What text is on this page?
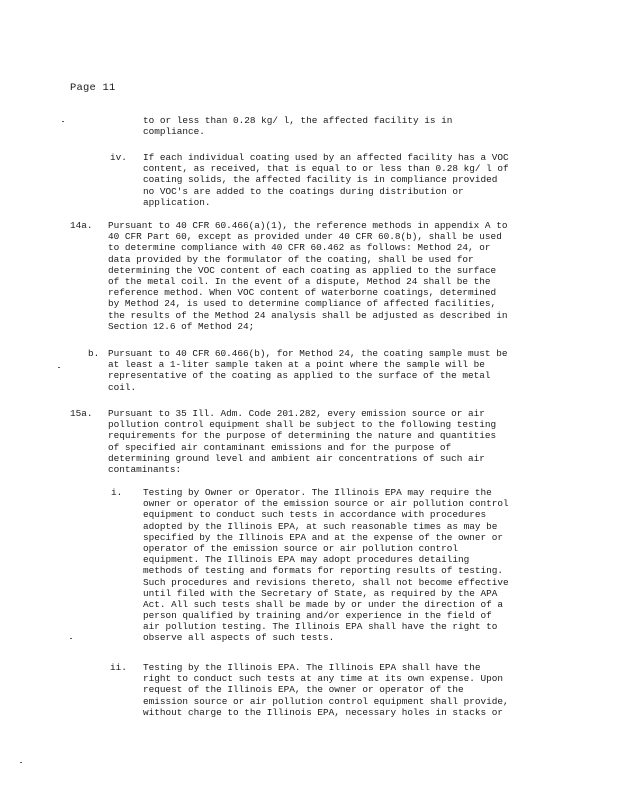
Page 11
to or less than 0.28 kg/ l, the affected facility is in
compliance.
iv. If each individual coating used by an affected facility has a VOC
content, as received, that is equal to or less than 0.28 kg/ l of
coating solids, the affected facility is in compliance provided
no VOC's are added to the coatings during distribution or
application.
14a. Pursuant to 40 CFR 60.466(a)(1), the reference methods in appendix A to
40 CFR Part 60, except as provided under 40 CFR 60.8(b), shall be used
to determine compliance with 40 CFR 60.462 as follows: Method 24, or
data provided by the formulator of the coating, shall be used for
determining the VOC content of each coating as applied to the surface
of the metal coil. In the event of a dispute, Method 24 shall be the
reference method. When VOC content of waterborne coatings, determined
by Method 24, is used to determine compliance of affected facilities,
the results of the Method 24 analysis shall be adjusted as described in
Section 12.6 of Method 24;
b. Pursuant to 40 CFR 60.466(b), for Method 24, the coating sample must be
at least a 1-liter sample taken at a point where the sample will be
representative of the coating as applied to the surface of the metal
coil.
15a. Pursuant to 35 Ill. Adm. Code 201.282, every emission source or air
pollution control equipment shall be subject to the following testing
requirements for the purpose of determining the nature and quantities
of specified air contaminant emissions and for the purpose of
determining ground level and ambient air concentrations of such air
contaminants:
i. Testing by Owner or Operator. The Illinois EPA may require the
owner or operator of the emission source or air pollution control
equipment to conduct such tests in accordance with procedures
adopted by the Illinois EPA, at such reasonable times as may be
specified by the Illinois EPA and at the expense of the owner or
operator of the emission source or air pollution control
equipment. The Illinois EPA may adopt procedures detailing
methods of testing and formats for reporting results of testing.
Such procedures and revisions thereto, shall not become effective
until filed with the Secretary of State, as required by the APA
Act. All such tests shall be made by or under the direction of a
person qualified by training and/or experience in the field of
air pollution testing. The Illinois EPA shall have the right to
observe all aspects of such tests.
ii. Testing by the Illinois EPA. The Illinois EPA shall have the
right to conduct such tests at any time at its own expense. Upon
request of the Illinois EPA, the owner or operator of the
emission source or air pollution control equipment shall provide,
without charge to the Illinois EPA, necessary holes in stacks or
